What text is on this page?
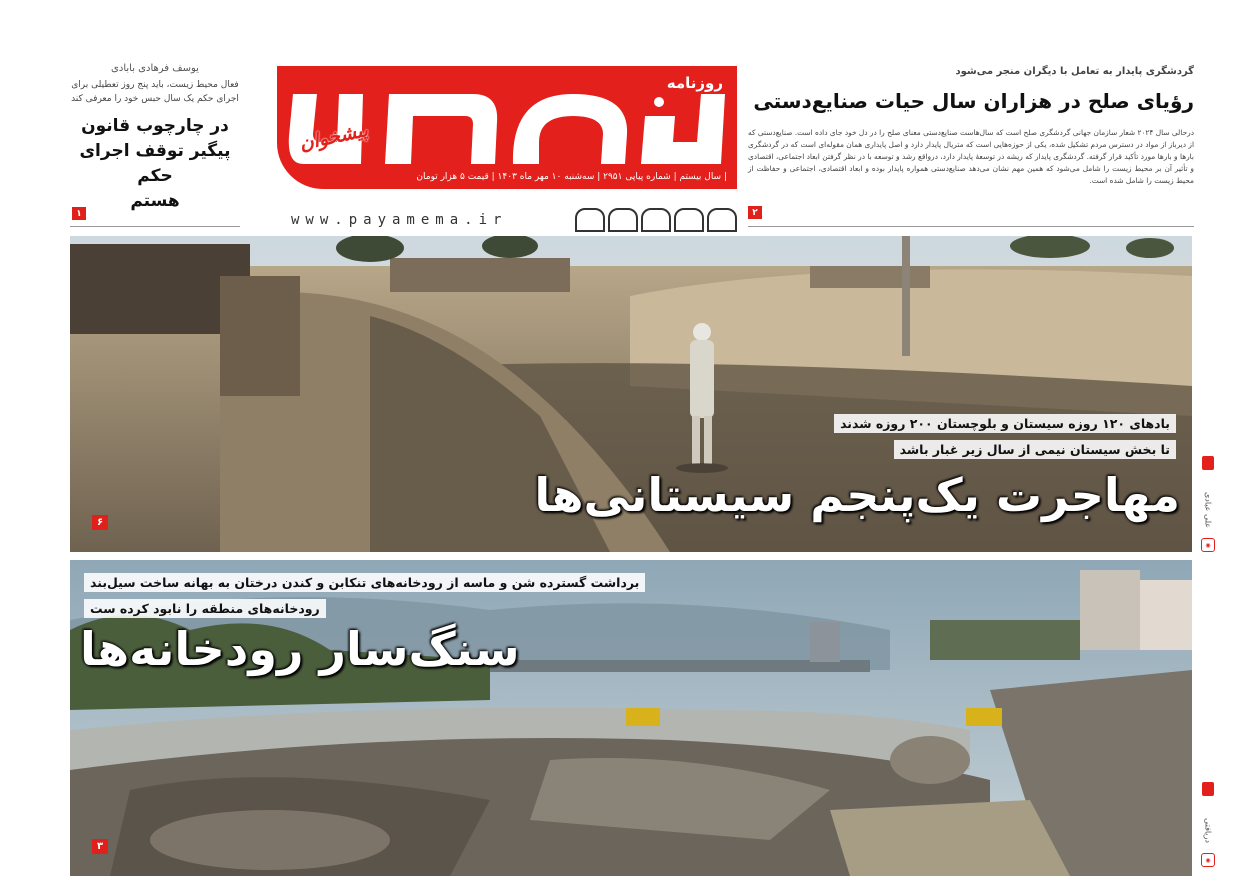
یوسف فرهادی بابادی
فعال محیط زیست، باید پنج روز تعطیلی برای اجرای حکم یک سال حبس خود را معرفی کند
در چارچوب قانون
پیگیر توقف اجرای حکم
هستم
۱
روزنامه
پیشخوان
| سال بیستم | شماره پیاپی ۲۹۵۱ | سه‌شنبه ۱۰ مهر ماه ۱۴۰۳ | قیمت ۵ هزار تومان
www.payamema.ir
گردشگری پایدار به تعامل با دیگران منجر می‌شود
رؤیای صلح در هزاران سال حیات صنایع‌دستی
درحالی سال ۲۰۲۴ شعار سازمان جهانی گردشگری صلح است که سال‌هاست صنایع‌دستی معنای صلح را در دل خود جای داده است. صنایع‌دستی که از دیرباز از مواد در دسترس مردم تشکیل شده، یکی از حوزه‌هایی است که متریال پایدار دارد و اصل پایداری همان مقوله‌ای است که در گردشگری بارها و بارها مورد تأکید قرار گرفته. گردشگری پایدار که ریشه در توسعهٔ پایدار دارد، درواقع رشد و توسعه با در نظر گرفتن ابعاد اجتماعی، اقتصادی و تأثیر آن بر محیط زیست را شامل می‌شود که همین مهم نشان می‌دهد صنایع‌دستی همواره پایدار بوده و ابعاد اقتصادی، اجتماعی و حفاظت از محیط زیست را شامل شده است.
۲
بادهای ۱۲۰ روزه سیستان و بلوچستان ۲۰۰ روزه شدند
تا بخش سیستان نیمی از سال زیر غبار باشد
مهاجرت یک‌پنجم سیستانی‌ها
۶
برداشت گسترده شن و ماسه از رودخانه‌های تنکابن و کندن درختان به بهانه ساخت سیل‌بند
رودخانه‌های منطقه را نابود کرده ست
سنگ‌سار رودخانه‌ها
۳
علی عبادی
◉
دریافتی
◉
